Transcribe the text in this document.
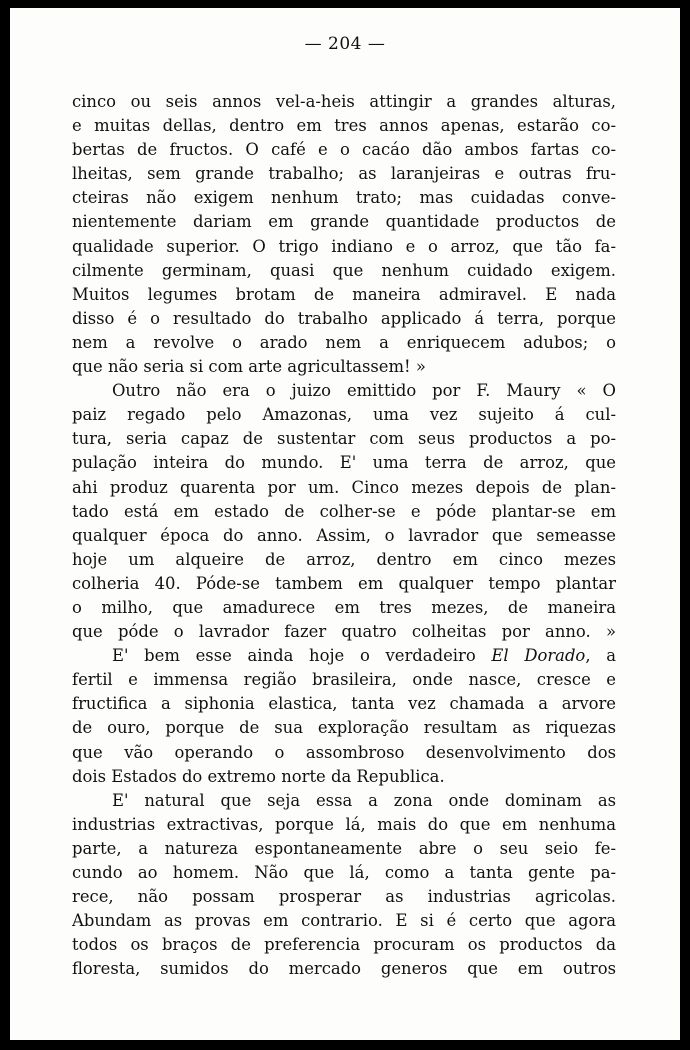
— 204 —
cinco ou seis annos vel-a-heis attingir a grandes alturas,
e muitas dellas, dentro em tres annos apenas, estarão co-
bertas de fructos. O café e o cacáo dão ambos fartas co-
lheitas, sem grande trabalho; as laranjeiras e outras fru-
cteiras não exigem nenhum trato; mas cuidadas conve-
nientemente dariam em grande quantidade productos de
qualidade superior. O trigo indiano e o arroz, que tão fa-
cilmente germinam, quasi que nenhum cuidado exigem.
Muitos legumes brotam de maneira admiravel. E nada
disso é o resultado do trabalho applicado á terra, porque
nem a revolve o arado nem a enriquecem adubos; o
que não seria si com arte agricultassem! »
Outro não era o juizo emittido por F. Maury « O
paiz regado pelo Amazonas, uma vez sujeito á cul-
tura, seria capaz de sustentar com seus productos a po-
pulação inteira do mundo. E' uma terra de arroz, que
ahi produz quarenta por um. Cinco mezes depois de plan-
tado está em estado de colher-se e póde plantar-se em
qualquer época do anno. Assim, o lavrador que semeasse
hoje um alqueire de arroz, dentro em cinco mezes
colheria 40. Póde-se tambem em qualquer tempo plantar
o milho, que amadurece em tres mezes, de maneira
que póde o lavrador fazer quatro colheitas por anno. »
E' bem esse ainda hoje o verdadeiro El Dorado, a
fertil e immensa região brasileira, onde nasce, cresce e
fructifica a siphonia elastica, tanta vez chamada a arvore
de ouro, porque de sua exploração resultam as riquezas
que vão operando o assombroso desenvolvimento dos
dois Estados do extremo norte da Republica.
E' natural que seja essa a zona onde dominam as
industrias extractivas, porque lá, mais do que em nenhuma
parte, a natureza espontaneamente abre o seu seio fe-
cundo ao homem. Não que lá, como a tanta gente pa-
rece, não possam prosperar as industrias agricolas.
Abundam as provas em contrario. E si é certo que agora
todos os braços de preferencia procuram os productos da
floresta, sumidos do mercado generos que em outros
